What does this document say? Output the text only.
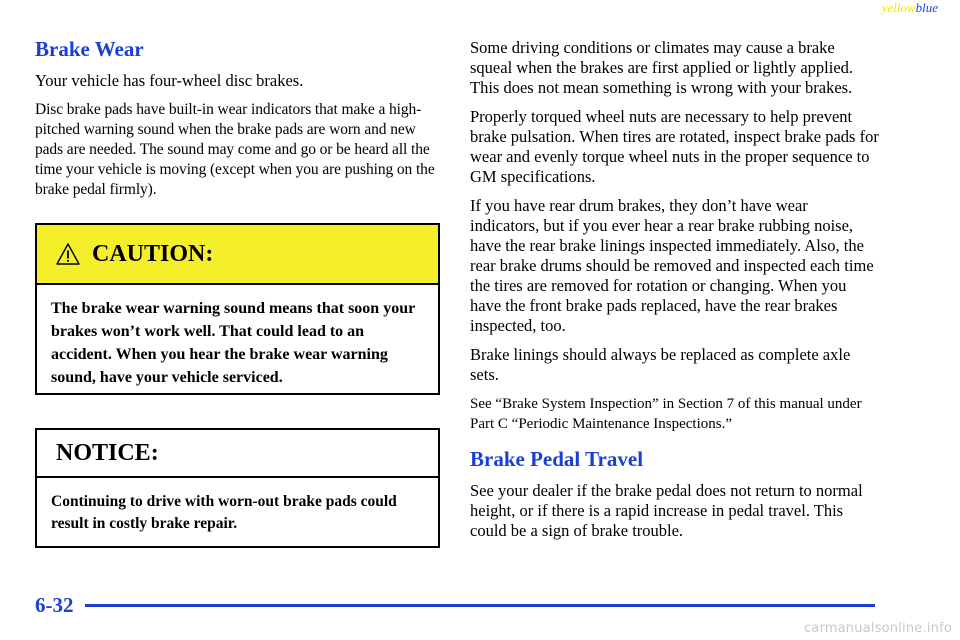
yellowblue
Brake Wear

Your vehicle has four-wheel disc brakes.

Disc brake pads have built-in wear indicators that make a high-pitched warning sound when the brake pads are worn and new pads are needed. The sound may come and go or be heard all the time your vehicle is moving (except when you are pushing on the brake pedal firmly).

CAUTION:
The brake wear warning sound means that soon your brakes won’t work well. That could lead to an accident. When you hear the brake wear warning sound, have your vehicle serviced.
NOTICE:
Continuing to drive with worn-out brake pads could result in costly brake repair.

Some driving conditions or climates may cause a brake squeal when the brakes are first applied or lightly applied. This does not mean something is wrong with your brakes.

Properly torqued wheel nuts are necessary to help prevent brake pulsation. When tires are rotated, inspect brake pads for wear and evenly torque wheel nuts in the proper sequence to GM specifications.

If you have rear drum brakes, they don’t have wear indicators, but if you ever hear a rear brake rubbing noise, have the rear brake linings inspected immediately. Also, the rear brake drums should be removed and inspected each time the tires are removed for rotation or changing. When you have the front brake pads replaced, have the rear brakes inspected, too.

Brake linings should always be replaced as complete axle sets.

See “Brake System Inspection” in Section 7 of this manual under Part C “Periodic Maintenance Inspections.”

Brake Pedal Travel

See your dealer if the brake pedal does not return to normal height, or if there is a rapid increase in pedal travel. This could be a sign of brake trouble.

6-32
carmanualsonline.info
